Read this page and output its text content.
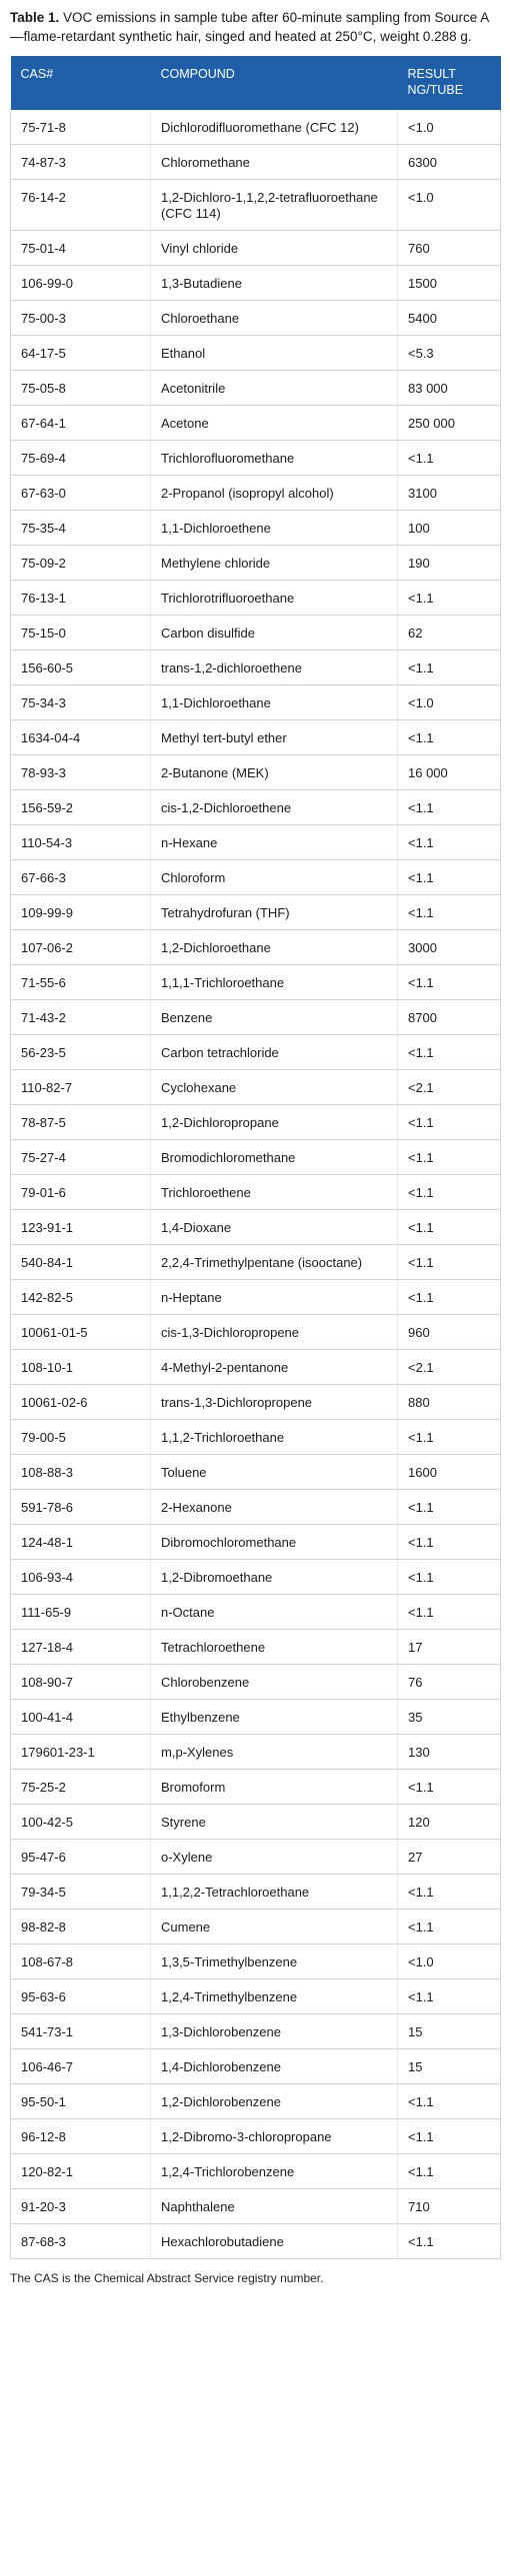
Table 1. VOC emissions in sample tube after 60-minute sampling from Source A—flame-retardant synthetic hair, singed and heated at 250°C, weight 0.288 g.

CAS#	COMPOUND	RESULT NG/TUBE
75-71-8	Dichlorodifluoromethane (CFC 12)	<1.0
74-87-3	Chloromethane	6300
76-14-2	1,2-Dichloro-1,1,2,2-tetrafluoroethane (CFC 114)	<1.0
75-01-4	Vinyl chloride	760
106-99-0	1,3-Butadiene	1500
75-00-3	Chloroethane	5400
64-17-5	Ethanol	<5.3
75-05-8	Acetonitrile	83 000
67-64-1	Acetone	250 000
75-69-4	Trichlorofluoromethane	<1.1
67-63-0	2-Propanol (isopropyl alcohol)	3100
75-35-4	1,1-Dichloroethene	100
75-09-2	Methylene chloride	190
76-13-1	Trichlorotrifluoroethane	<1.1
75-15-0	Carbon disulfide	62
156-60-5	trans-1,2-dichloroethene	<1.1
75-34-3	1,1-Dichloroethane	<1.0
1634-04-4	Methyl tert-butyl ether	<1.1
78-93-3	2-Butanone (MEK)	16 000
156-59-2	cis-1,2-Dichloroethene	<1.1
110-54-3	n-Hexane	<1.1
67-66-3	Chloroform	<1.1
109-99-9	Tetrahydrofuran (THF)	<1.1
107-06-2	1,2-Dichloroethane	3000
71-55-6	1,1,1-Trichloroethane	<1.1
71-43-2	Benzene	8700
56-23-5	Carbon tetrachloride	<1.1
110-82-7	Cyclohexane	<2.1
78-87-5	1,2-Dichloropropane	<1.1
75-27-4	Bromodichloromethane	<1.1
79-01-6	Trichloroethene	<1.1
123-91-1	1,4-Dioxane	<1.1
540-84-1	2,2,4-Trimethylpentane (isooctane)	<1.1
142-82-5	n-Heptane	<1.1
10061-01-5	cis-1,3-Dichloropropene	960
108-10-1	4-Methyl-2-pentanone	<2.1
10061-02-6	trans-1,3-Dichloropropene	880
79-00-5	1,1,2-Trichloroethane	<1.1
108-88-3	Toluene	1600
591-78-6	2-Hexanone	<1.1
124-48-1	Dibromochloromethane	<1.1
106-93-4	1,2-Dibromoethane	<1.1
111-65-9	n-Octane	<1.1
127-18-4	Tetrachloroethene	17
108-90-7	Chlorobenzene	76
100-41-4	Ethylbenzene	35
179601-23-1	m,p-Xylenes	130
75-25-2	Bromoform	<1.1
100-42-5	Styrene	120
95-47-6	o-Xylene	27
79-34-5	1,1,2,2-Tetrachloroethane	<1.1
98-82-8	Cumene	<1.1
108-67-8	1,3,5-Trimethylbenzene	<1.0
95-63-6	1,2,4-Trimethylbenzene	<1.1
541-73-1	1,3-Dichlorobenzene	15
106-46-7	1,4-Dichlorobenzene	15
95-50-1	1,2-Dichlorobenzene	<1.1
96-12-8	1,2-Dibromo-3-chloropropane	<1.1
120-82-1	1,2,4-Trichlorobenzene	<1.1
91-20-3	Naphthalene	710
87-68-3	Hexachlorobutadiene	<1.1
The CAS is the Chemical Abstract Service registry number.
